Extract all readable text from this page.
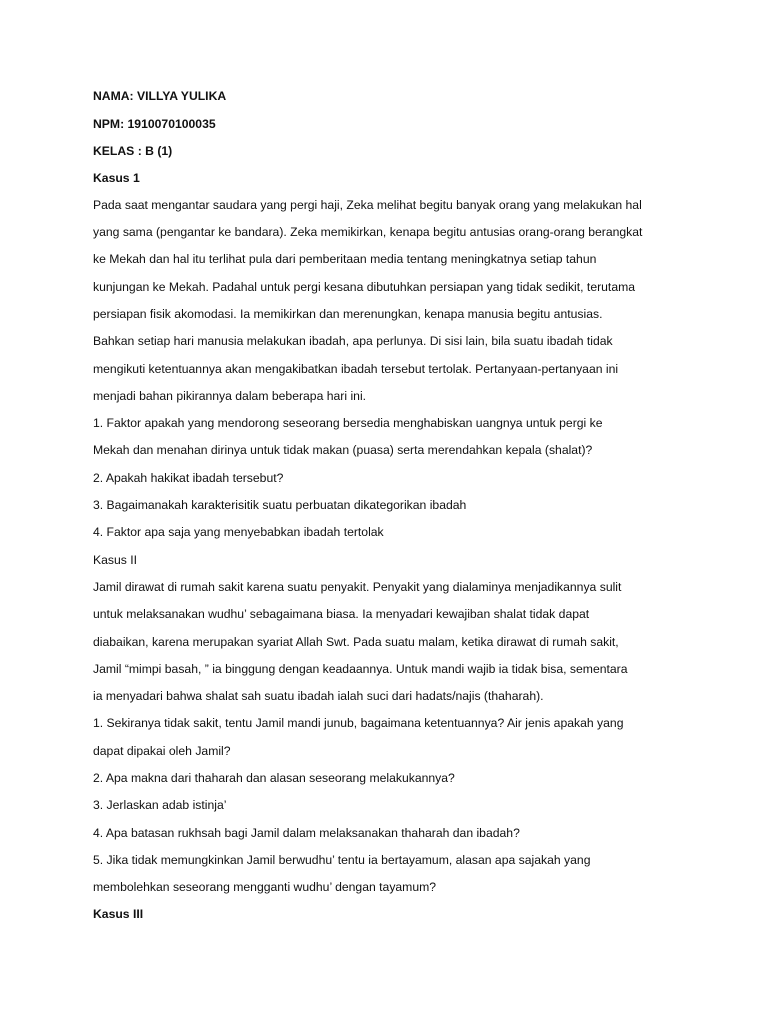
NAMA: VILLYA YULIKA
NPM: 1910070100035
KELAS : B (1)
Kasus 1
Pada saat mengantar saudara yang pergi haji, Zeka melihat begitu banyak orang yang melakukan hal
yang sama (pengantar ke bandara). Zeka memikirkan, kenapa begitu antusias orang-orang berangkat
ke Mekah dan hal itu terlihat pula dari pemberitaan media tentang meningkatnya setiap tahun
kunjungan ke Mekah. Padahal untuk pergi kesana dibutuhkan persiapan yang tidak sedikit, terutama
persiapan fisik akomodasi. Ia memikirkan dan merenungkan, kenapa manusia begitu antusias.
Bahkan setiap hari manusia melakukan ibadah, apa perlunya. Di sisi lain, bila suatu ibadah tidak
mengikuti ketentuannya akan mengakibatkan ibadah tersebut tertolak. Pertanyaan-pertanyaan ini
menjadi bahan pikirannya dalam beberapa hari ini.
1. Faktor apakah yang mendorong seseorang bersedia menghabiskan uangnya untuk pergi ke
Mekah dan menahan dirinya untuk tidak makan (puasa) serta merendahkan kepala (shalat)?
2. Apakah hakikat ibadah tersebut?
3. Bagaimanakah karakterisitik suatu perbuatan dikategorikan ibadah
4. Faktor apa saja yang menyebabkan ibadah tertolak
Kasus II
Jamil dirawat di rumah sakit karena suatu penyakit. Penyakit yang dialaminya menjadikannya sulit
untuk melaksanakan wudhu’ sebagaimana biasa. Ia menyadari kewajiban shalat tidak dapat
diabaikan, karena merupakan syariat Allah Swt. Pada suatu malam, ketika dirawat di rumah sakit,
Jamil “mimpi basah, ” ia binggung dengan keadaannya. Untuk mandi wajib ia tidak bisa, sementara
ia menyadari bahwa shalat sah suatu ibadah ialah suci dari hadats/najis (thaharah).
1. Sekiranya tidak sakit, tentu Jamil mandi junub, bagaimana ketentuannya? Air jenis apakah yang
dapat dipakai oleh Jamil?
2. Apa makna dari thaharah dan alasan seseorang melakukannya?
3. Jerlaskan adab istinja’
4. Apa batasan rukhsah bagi Jamil dalam melaksanakan thaharah dan ibadah?
5. Jika tidak memungkinkan Jamil berwudhu’ tentu ia bertayamum, alasan apa sajakah yang
membolehkan seseorang mengganti wudhu’ dengan tayamum?
Kasus III
